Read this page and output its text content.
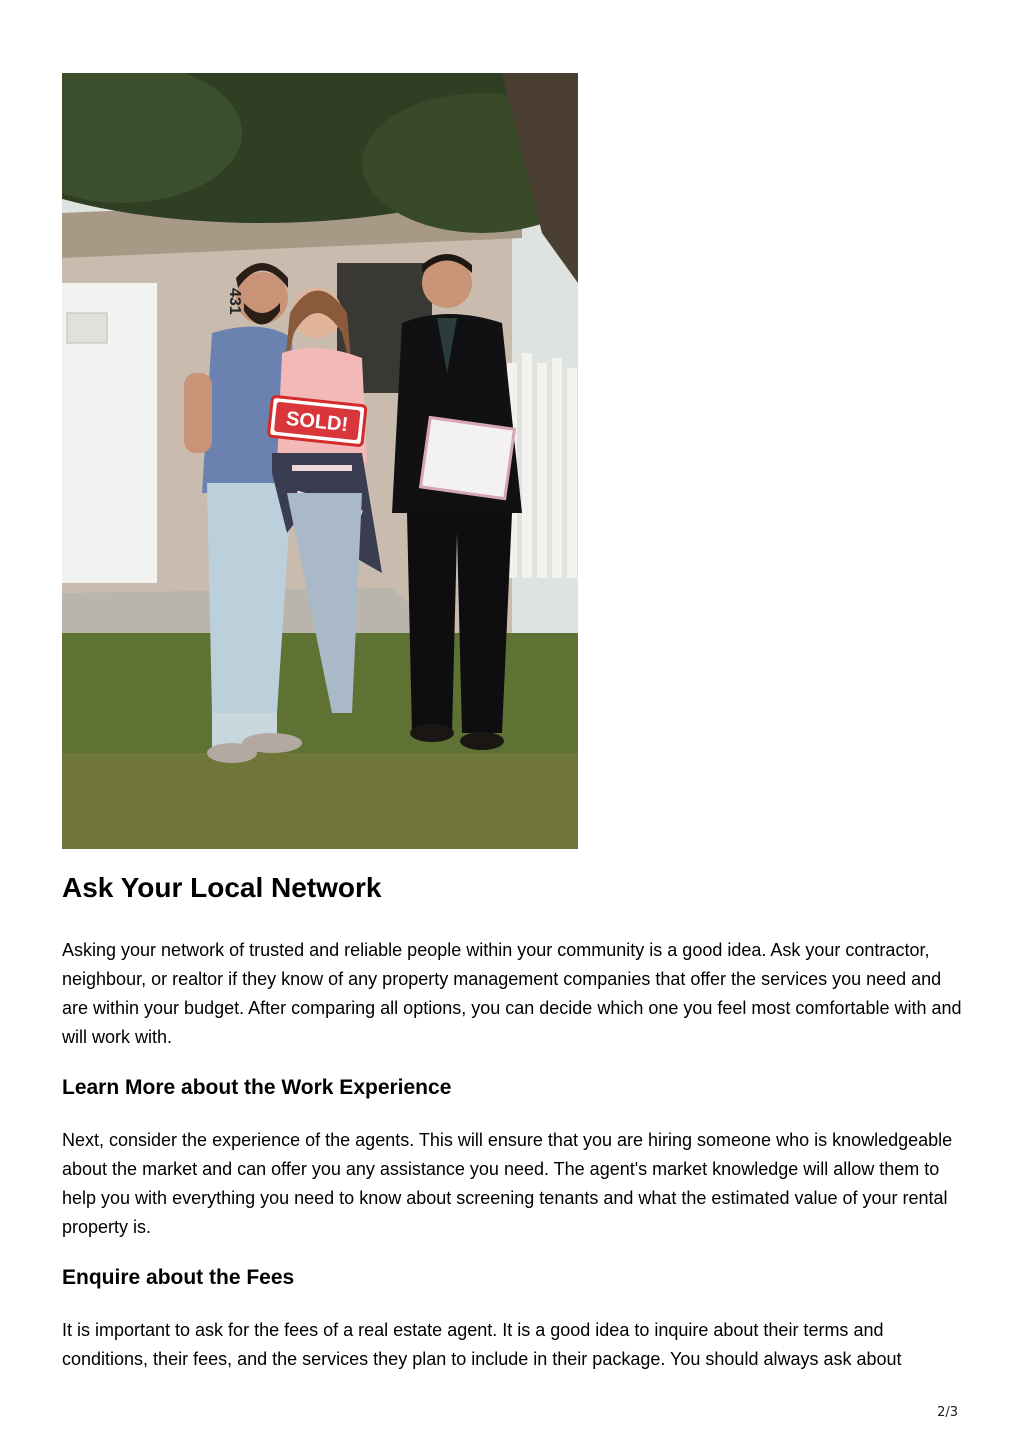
SOLD!
431
Ask Your Local Network

Asking your network of trusted and reliable people within your community is a good idea. Ask your contractor, neighbour, or realtor if they know of any property management companies that offer the services you need and are within your budget. After comparing all options, you can decide which one you feel most comfortable with and will work with.

Learn More about the Work Experience

Next, consider the experience of the agents. This will ensure that you are hiring someone who is knowledgeable about the market and can offer you any assistance you need. The agent's market knowledge will allow them to help you with everything you need to know about screening tenants and what the estimated value of your rental property is.

Enquire about the Fees

It is important to ask for the fees of a real estate agent. It is a good idea to inquire about their terms and conditions, their fees, and the services they plan to include in their package. You should always ask about

2/3
